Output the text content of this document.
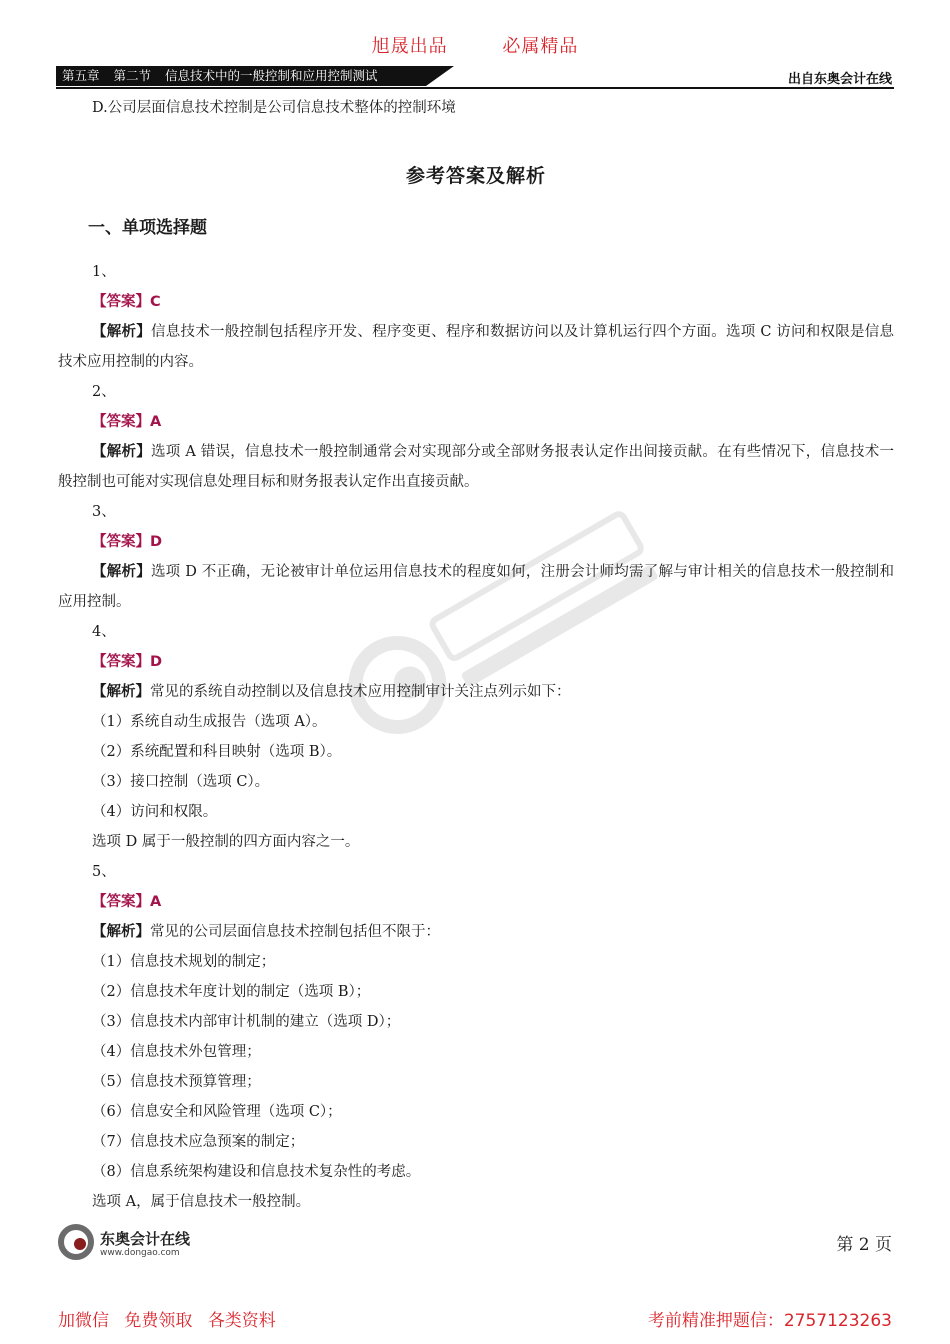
旭晟出品	必属精品
第五章 第二节 信息技术中的一般控制和应用控制测试	出自东奥会计在线
D.公司层面信息技术控制是公司信息技术整体的控制环境
参考答案及解析
一、单项选择题
1、
【答案】C
【解析】信息技术一般控制包括程序开发、程序变更、程序和数据访问以及计算机运行四个方面。选项 C 访问和权限是信息技术应用控制的内容。
2、
【答案】A
【解析】选项 A 错误，信息技术一般控制通常会对实现部分或全部财务报表认定作出间接贡献。在有些情况下，信息技术一般控制也可能对实现信息处理目标和财务报表认定作出直接贡献。
3、
【答案】D
【解析】选项 D 不正确，无论被审计单位运用信息技术的程度如何，注册会计师均需了解与审计相关的信息技术一般控制和应用控制。
4、
【答案】D
【解析】常见的系统自动控制以及信息技术应用控制审计关注点列示如下：
（1）系统自动生成报告（选项 A）。
（2）系统配置和科目映射（选项 B）。
（3）接口控制（选项 C）。
（4）访问和权限。
选项 D 属于一般控制的四方面内容之一。
5、
【答案】A
【解析】常见的公司层面信息技术控制包括但不限于：
（1）信息技术规划的制定；
（2）信息技术年度计划的制定（选项 B）；
（3）信息技术内部审计机制的建立（选项 D）；
（4）信息技术外包管理；
（5）信息技术预算管理；
（6）信息安全和风险管理（选项 C）；
（7）信息技术应急预案的制定；
（8）信息系统架构建设和信息技术复杂性的考虑。
选项 A，属于信息技术一般控制。
东奥会计在线
www.dongao.com	第 2 页
加微信 免费领取 各类资料	考前精准押题信：2757123263
